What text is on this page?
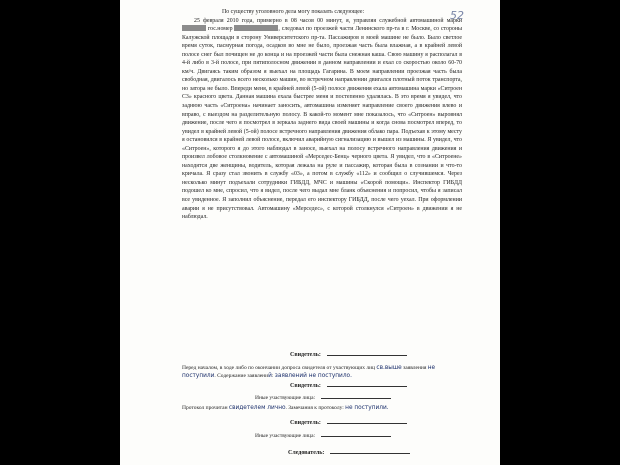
52

По существу уголовного дела могу показать следующее:

25 февраля 2010 года, примерно в 08 часов 00 минут, я, управляя служебной автомашиной марки  гос.номер	, следовал по проезжей части Ленинского пр-та в г. Москве, со стороны Калужской площади в сторону Университетского пр-та. Пассажиров в моей машине не было. Было светлое время суток, пасмурная погода, осадков во мне не было, проезжая часть была влажная, а в крайней левой полосе снег был почищен не до конца и на проезжей части была снежная каша. Свою машину я располагал в 4-й либо в 3-й полосе, при пятиполосном движении в данном направлении и ехал со скоростью около 60-70 км/ч. Двигаясь таким образом я выехал на площадь Гагарина. В моем направлении проезжая часть была свободная, двигалось всего несколько машин, во встречном направлении двигался плотный поток транспорта, но затора не было. Впереди меня, в крайней левой (5-ой) полосе движения ехала автомашина марки «Ситроен С3» красного цвета. Данная машина ехала быстрее меня и постепенно удалялась. В это время я увидел, что заднюю часть «Ситроена» начинает заносить, автомашина изменяет направление своего движения влево и вправо, с выездом на разделительную полосу. В какой-то момент мне показалось, что «Ситроен» выровнял движение, после чего я посмотрел в зеркала заднего вида своей машины и когда снова посмотрел вперед, то увидел в крайней левой (5-ой) полосе встречного направления движения облако пара. Подъехав к этому месту я остановился в крайней левой полосе, включил аварийную сигнализацию и вышел из машины. Я увидел, что «Ситроен», которого я до этого наблюдал в заносе, выехал на полосу встречного направления движения и произвел лобовое столкновение с автомашиной «Мерседес-Бенц» черного цвета. Я увидел, что в «Ситроене» находятся две женщины, водитель, которая лежала на руле и пассажир, которая была в сознании и что-то кричала. Я сразу стал звонить в службу «03», а потом в службу «112» и сообщил о случившемся. Через несколько минут подъехали сотрудники ГИБДД, МЧС и машины «Скорой помощи». Инспектор ГИБДД подошел ко мне, спросил, что я видел, после чего выдал мне бланк объяснения и попросил, чтобы я записал все увиденное. Я заполнил объяснение, передал его инспектору ГИБДД, после чего уехал. При оформлении аварии я не присутствовал. Автомашину «Мерседес», с которой столкнулся «Ситроен» в движении я не наблюдал.

Свидетель:
Перед началом, в ходе либо по окончании допроса свидетеля от участвующих лиц св.выше заявления не поступили. Содержание заявлений: заявлений не поступило.
Свидетель:
Иные участвующие лица:
Протокол прочитан свидетелем лично. Замечания к протоколу: не поступили.
Свидетель:
Иные участвующие лица:
Следователь:
